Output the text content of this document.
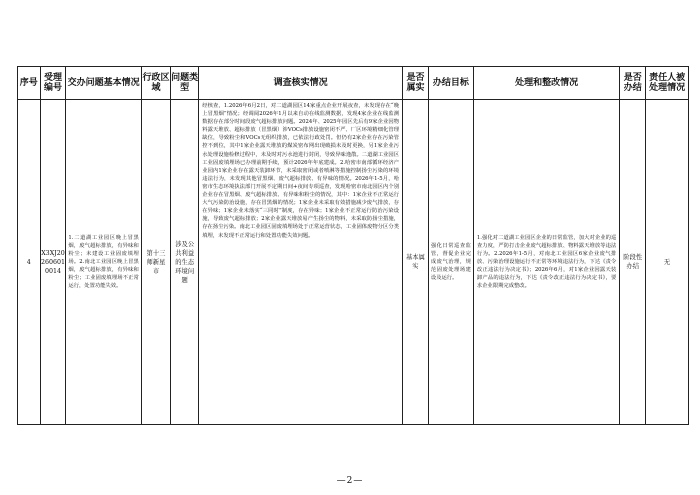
序号	受理编号	交办问题基本情况	行政区域	问题类型	调查核实情况	是否属实	办结目标	处理和整改情况	是否办结	责任人被处理情况
4	X3XJ202606010014	1.二道湖工业园区晚上冒黑烟，废气超标排放，有异味和粉尘；未建设工业固废填埋场。2.南北工业园区晚上冒黑烟，废气超标排放，有异味和粉尘；工业固废填埋场不正常运行，处置功能失效。	第十三师新星市	涉及公共利益的生态环境问题	经核查，1.2026年6月2日，对二道湖园区14家重点企业开展夜查，未发现存在“晚上冒黑烟”情况；经调阅2026年1月以来自动在线监测数据，发现4家企业在线监测数据存在部分时间段废气超标排放问题。2024年、2025年园区先后有9家企业因物料露天堆放、超标排放（冒黑烟）涉VOCs排放设施密闭不严、厂区环境精细化管理缺位，导致粉尘和VOCs无组织排放，已依法行政处罚。但仍有2家企业存在污染管控不到位，其中1家企业露天堆放的煤炭密布网出现破损未及时更换，另1家企业污水处理设施检修过程中，未及时对污水池进行封闭，导致异味逸散。二道湖工业园区工业固废填埋场已办理前期手续，预计2026年年底建成。2.哈密市南部循环经济产业园内1家企业存在露天装卸环节，未采取密闭或者喷淋等措施控制扬尘污染的环境违法行为，未发现其他冒黑烟、废气超标排放、有异味的情况。2026年1-5月，哈密市生态环境执法部门开展不定期日间+夜间专项巡查，发现哈密市南北园区内个别企业存在冒黑烟、废气超标排放、有异味和粉尘的情况，其中：1家企业不正常运行大气污染防治设施，存在冒黑烟的情况；1家企业未采取有效措施减少废气排放，存在异味；1家企业未落实“三同时”制度，存在异味；1家企业不正常运行防治污染设施，导致废气超标排放；2家企业露天堆放易产生扬尘的物料，未采取防扬尘措施，存在扬尘污染。南北工业园区固废填埋场处于正常运营状态，工业固体废物分区分类填埋，未发现不正常运行和处置功能失效问题。	基本属实	强化日常巡查监管，督促企业完成废气治理，规范固废处理场建设及运行。	1.强化对二道湖工业园区企业的日常监管，加大对企业的巡查力度，严防打击企业废气超标排放、物料露天堆放等违法行为。2.2026年1-5月，对南北工业园区6家企业废气排放、污染治理设施运行不正常等环境违法行为，下达《责令改正违法行为决定书》；2026年6月，对1家企业因露天装卸产品的违法行为，下达《责令改正违法行为决定书》，要求企业限期完成整改。	阶段性办结	无
—2—
